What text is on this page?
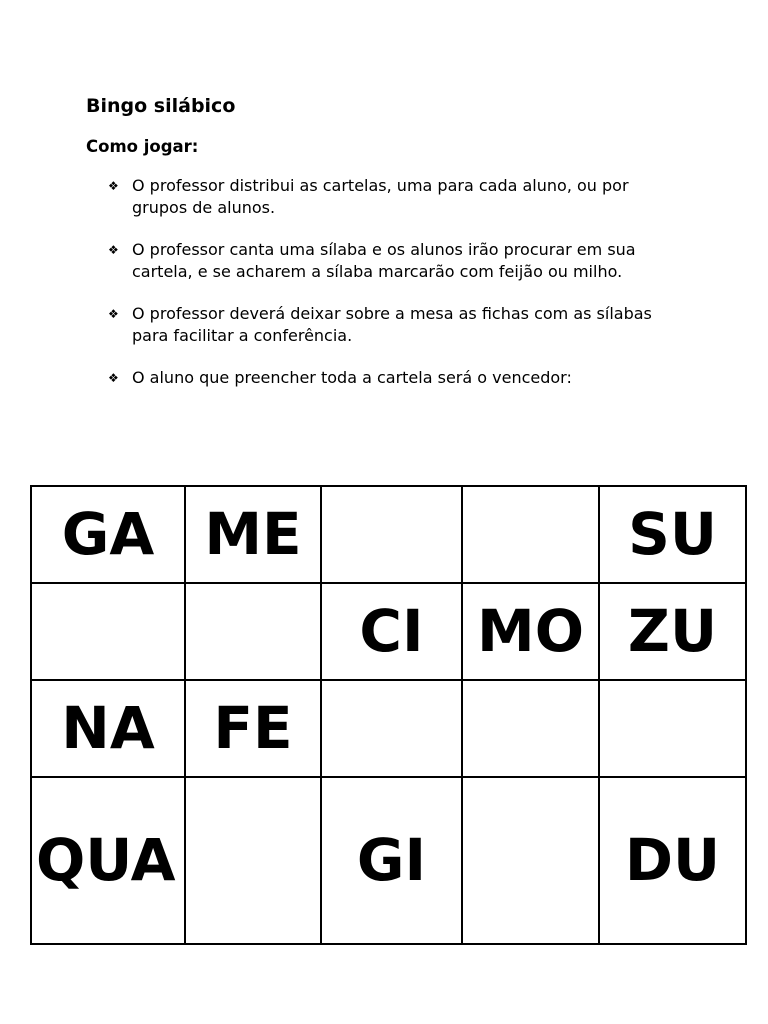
Bingo silábico
Como jogar:
❖ O professor distribui as cartelas, uma para cada aluno, ou por grupos de alunos.
❖ O professor canta uma sílaba e os alunos irão procurar em sua cartela, e se acharem a sílaba marcarão com feijão ou milho.
❖ O professor deverá deixar sobre a mesa as fichas com as sílabas para facilitar a conferência.
❖ O aluno que preencher toda a cartela será o vencedor:
GA	ME			SU
		CI	MO	ZU
NA	FE			
QUA		GI		DU
